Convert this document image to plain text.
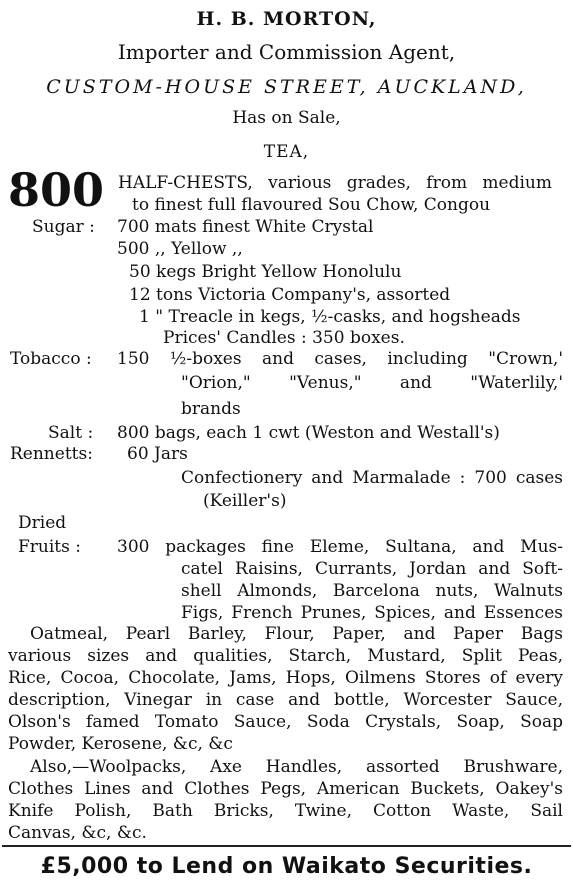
H. B. MORTON,
Importer and Commission Agent,
CUSTOM-HOUSE STREET, AUCKLAND,
Has on Sale,
TEA,
800 HALF-CHESTS, various grades, from medium
to finest full flavoured Sou Chow, Congou
Sugar : 700 mats finest White Crystal
500 ,, Yellow ,,
50 kegs Bright Yellow Honolulu
12 tons Victoria Company's, assorted
1 " Treacle in kegs, ½-casks, and hogsheads
Prices' Candles : 350 boxes.
Tobacco : 150 ½-boxes and cases, including "Crown,'
"Orion," "Venus," and "Waterlily,'
brands
Salt : 800 bags, each 1 cwt (Weston and Westall's)
Rennetts: 60 Jars
Confectionery and Marmalade : 700 cases
(Keiller's)
Dried
Fruits : 300 packages fine Eleme, Sultana, and Mus-
catel Raisins, Currants, Jordan and Soft-
shell Almonds, Barcelona nuts, Walnuts
Figs, French Prunes, Spices, and Essences
Oatmeal, Pearl Barley, Flour, Paper, and Paper Bags
various sizes and qualities, Starch, Mustard, Split Peas,
Rice, Cocoa, Chocolate, Jams, Hops, Oilmens Stores of every
description, Vinegar in case and bottle, Worcester Sauce,
Olson's famed Tomato Sauce, Soda Crystals, Soap, Soap
Powder, Kerosene, &c, &c
Also,—Woolpacks, Axe Handles, assorted Brushware,
Clothes Lines and Clothes Pegs, American Buckets, Oakey's
Knife Polish, Bath Bricks, Twine, Cotton Waste, Sail
Canvas, &c, &c.
£5,000 to Lend on Waikato Securities.
